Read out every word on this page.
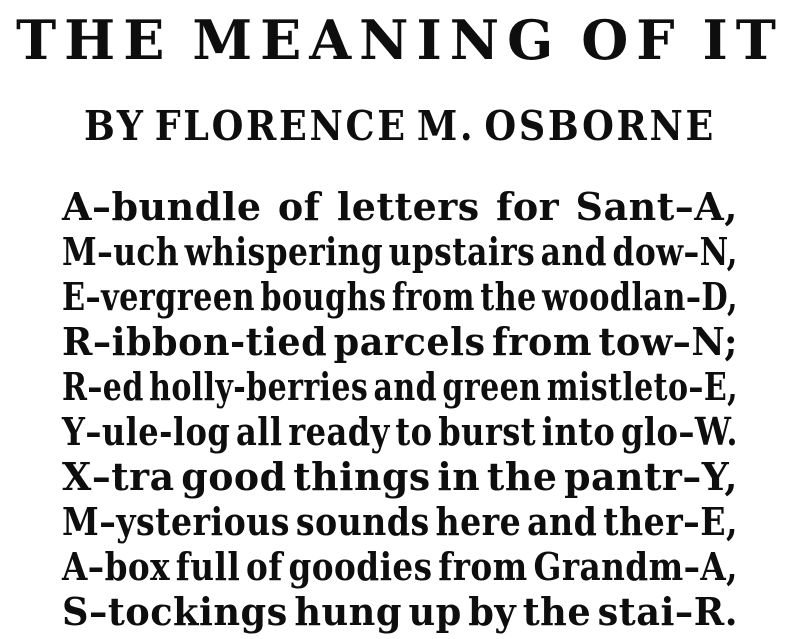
THE MEANING OF IT
BY FLORENCE M. OSBORNE
A–bundle of letters for Sant–A,
M–uch whispering upstairs and dow–N,
E–vergreen boughs from the woodlan–D,
R–ibbon-tied parcels from tow–N;
R–ed holly-berries and green mistleto–E,
Y–ule-log all ready to burst into glo–W.
X–tra good things in the pantr–Y,
M–ysterious sounds here and ther–E,
A–box full of goodies from Grandm–A,
S–tockings hung up by the stai–R.
